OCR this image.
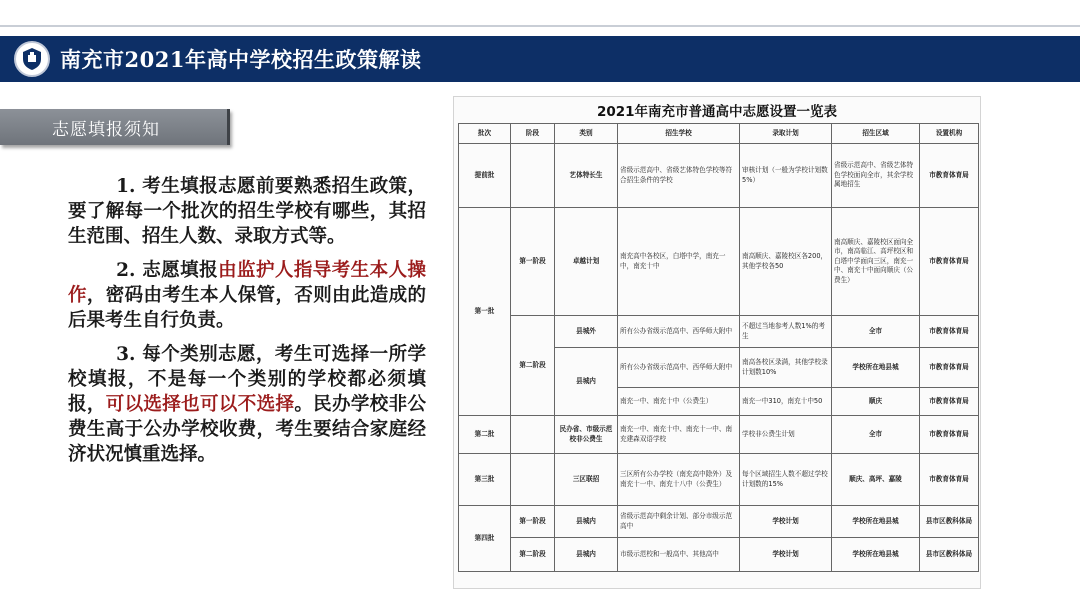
南充市2021年高中学校招生政策解读
志愿填报须知

1. 考生填报志愿前要熟悉招生政策，要了解每一个批次的招生学校有哪些，其招生范围、招生人数、录取方式等。

2. 志愿填报由监护人指导考生本人操作，密码由考生本人保管，否则由此造成的后果考生自行负责。

3. 每个类别志愿，考生可选择一所学校填报，不是每一个类别的学校都必须填报，可以选择也可以不选择。民办学校非公费生高于公办学校收费，考生要结合家庭经济状况慎重选择。

2021年南充市普通高中志愿设置一览表
批次	阶段	类别	招生学校	录取计划	招生区域	设置机构
提前批		艺体特长生	省级示范高中、省级艺体特色学校等符合招生条件的学校	审核计划（一般为学校计划数5%）	省级示范高中、省级艺体特色学校面向全市，其余学校属地招生	市教育体育局
第一批	第一阶段	卓越计划	南充高中各校区，白塔中学，南充一中，南充十中	南高顺庆、嘉陵校区各200，其他学校各50	南高顺庆、嘉陵校区面向全市，南高临江、高坪校区和白塔中学面向三区，南充一中、南充十中面向顺庆（公费生）	市教育体育局
	第二阶段	县城外	所有公办省级示范高中、西华师大附中	不超过当地参考人数1%的考生	全市	市教育体育局
		县城内	所有公办省级示范高中、西华师大附中	南高各校区录满，其他学校录计划数10%	学校所在地县城	市教育体育局
			南充一中、南充十中（公费生）	南充一中310，南充十中50	顺庆	市教育体育局
第二批		民办省、市级示范校非公费生	南充一中、南充十中、南充十一中、南充建森双语学校	学校非公费生计划	全市	市教育体育局
第三批		三区联招	三区所有公办学校（南充高中除外）及南充十一中、南充十八中（公费生）	每个区域招生人数不超过学校计划数的15%	顺庆、高坪、嘉陵	市教育体育局
第四批	第一阶段	县城内	省级示范高中剩余计划、部分市级示范高中	学校计划	学校所在地县城	县市区教科体局
	第二阶段	县城内	市级示范校和一般高中、其他高中	学校计划	学校所在地县城	县市区教科体局
